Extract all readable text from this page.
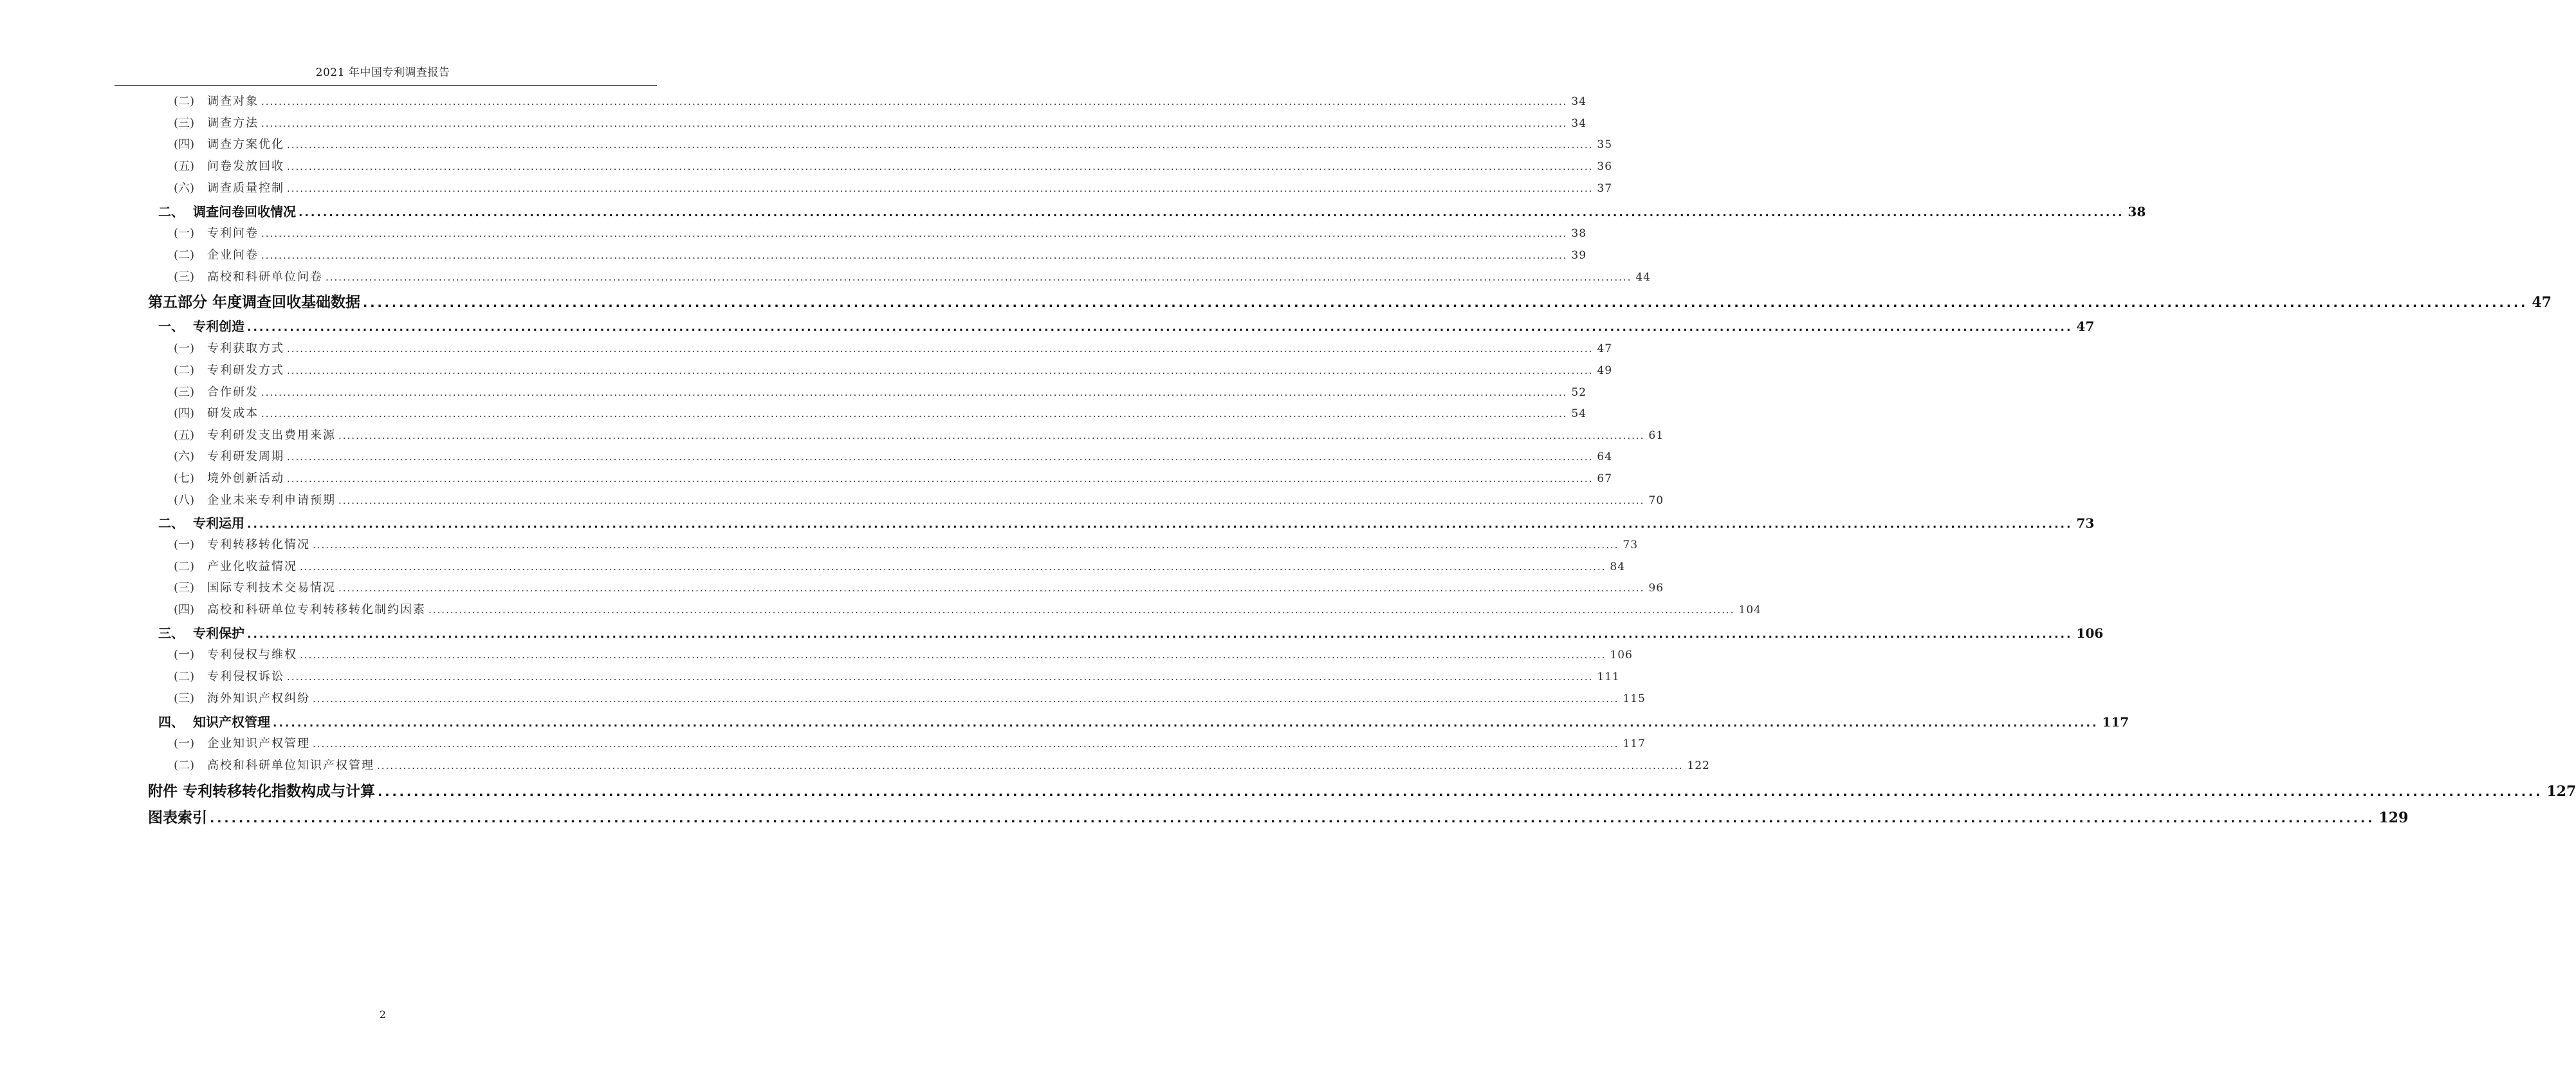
2021 年中国专利调查报告
(二) 调查对象 ............................................................................................................................................................................................................................................................................................................ 34
(三) 调查方法 ............................................................................................................................................................................................................................................................................................................ 34
(四) 调查方案优化 ............................................................................................................................................................................................................................................................................................................ 35
(五) 问卷发放回收 ............................................................................................................................................................................................................................................................................................................ 36
(六) 调查质量控制 ............................................................................................................................................................................................................................................................................................................ 37
二、 调查问卷回收情况 ............................................................................................................................................................................................................................................................................................................ 38
(一) 专利问卷 ............................................................................................................................................................................................................................................................................................................ 38
(二) 企业问卷 ............................................................................................................................................................................................................................................................................................................ 39
(三) 高校和科研单位问卷 ............................................................................................................................................................................................................................................................................................................ 44
第五部分 年度调查回收基础数据 ............................................................................................................................................................................................................................................................................................................ 47
一、 专利创造 ............................................................................................................................................................................................................................................................................................................ 47
(一) 专利获取方式 ............................................................................................................................................................................................................................................................................................................ 47
(二) 专利研发方式 ............................................................................................................................................................................................................................................................................................................ 49
(三) 合作研发 ............................................................................................................................................................................................................................................................................................................ 52
(四) 研发成本 ............................................................................................................................................................................................................................................................................................................ 54
(五) 专利研发支出费用来源 ............................................................................................................................................................................................................................................................................................................ 61
(六) 专利研发周期 ............................................................................................................................................................................................................................................................................................................ 64
(七) 境外创新活动 ............................................................................................................................................................................................................................................................................................................ 67
(八) 企业未来专利申请预期 ............................................................................................................................................................................................................................................................................................................ 70
二、 专利运用 ............................................................................................................................................................................................................................................................................................................ 73
(一) 专利转移转化情况 ............................................................................................................................................................................................................................................................................................................ 73
(二) 产业化收益情况 ............................................................................................................................................................................................................................................................................................................ 84
(三) 国际专利技术交易情况 ............................................................................................................................................................................................................................................................................................................ 96
(四) 高校和科研单位专利转移转化制约因素 ............................................................................................................................................................................................................................................................................................................ 104
三、 专利保护 ............................................................................................................................................................................................................................................................................................................ 106
(一) 专利侵权与维权 ............................................................................................................................................................................................................................................................................................................ 106
(二) 专利侵权诉讼 ............................................................................................................................................................................................................................................................................................................ 111
(三) 海外知识产权纠纷 ............................................................................................................................................................................................................................................................................................................ 115
四、 知识产权管理 ............................................................................................................................................................................................................................................................................................................ 117
(一) 企业知识产权管理 ............................................................................................................................................................................................................................................................................................................ 117
(二) 高校和科研单位知识产权管理 ............................................................................................................................................................................................................................................................................................................ 122
附件 专利转移转化指数构成与计算 ............................................................................................................................................................................................................................................................................................................ 127
图表索引 ............................................................................................................................................................................................................................................................................................................ 129
2
